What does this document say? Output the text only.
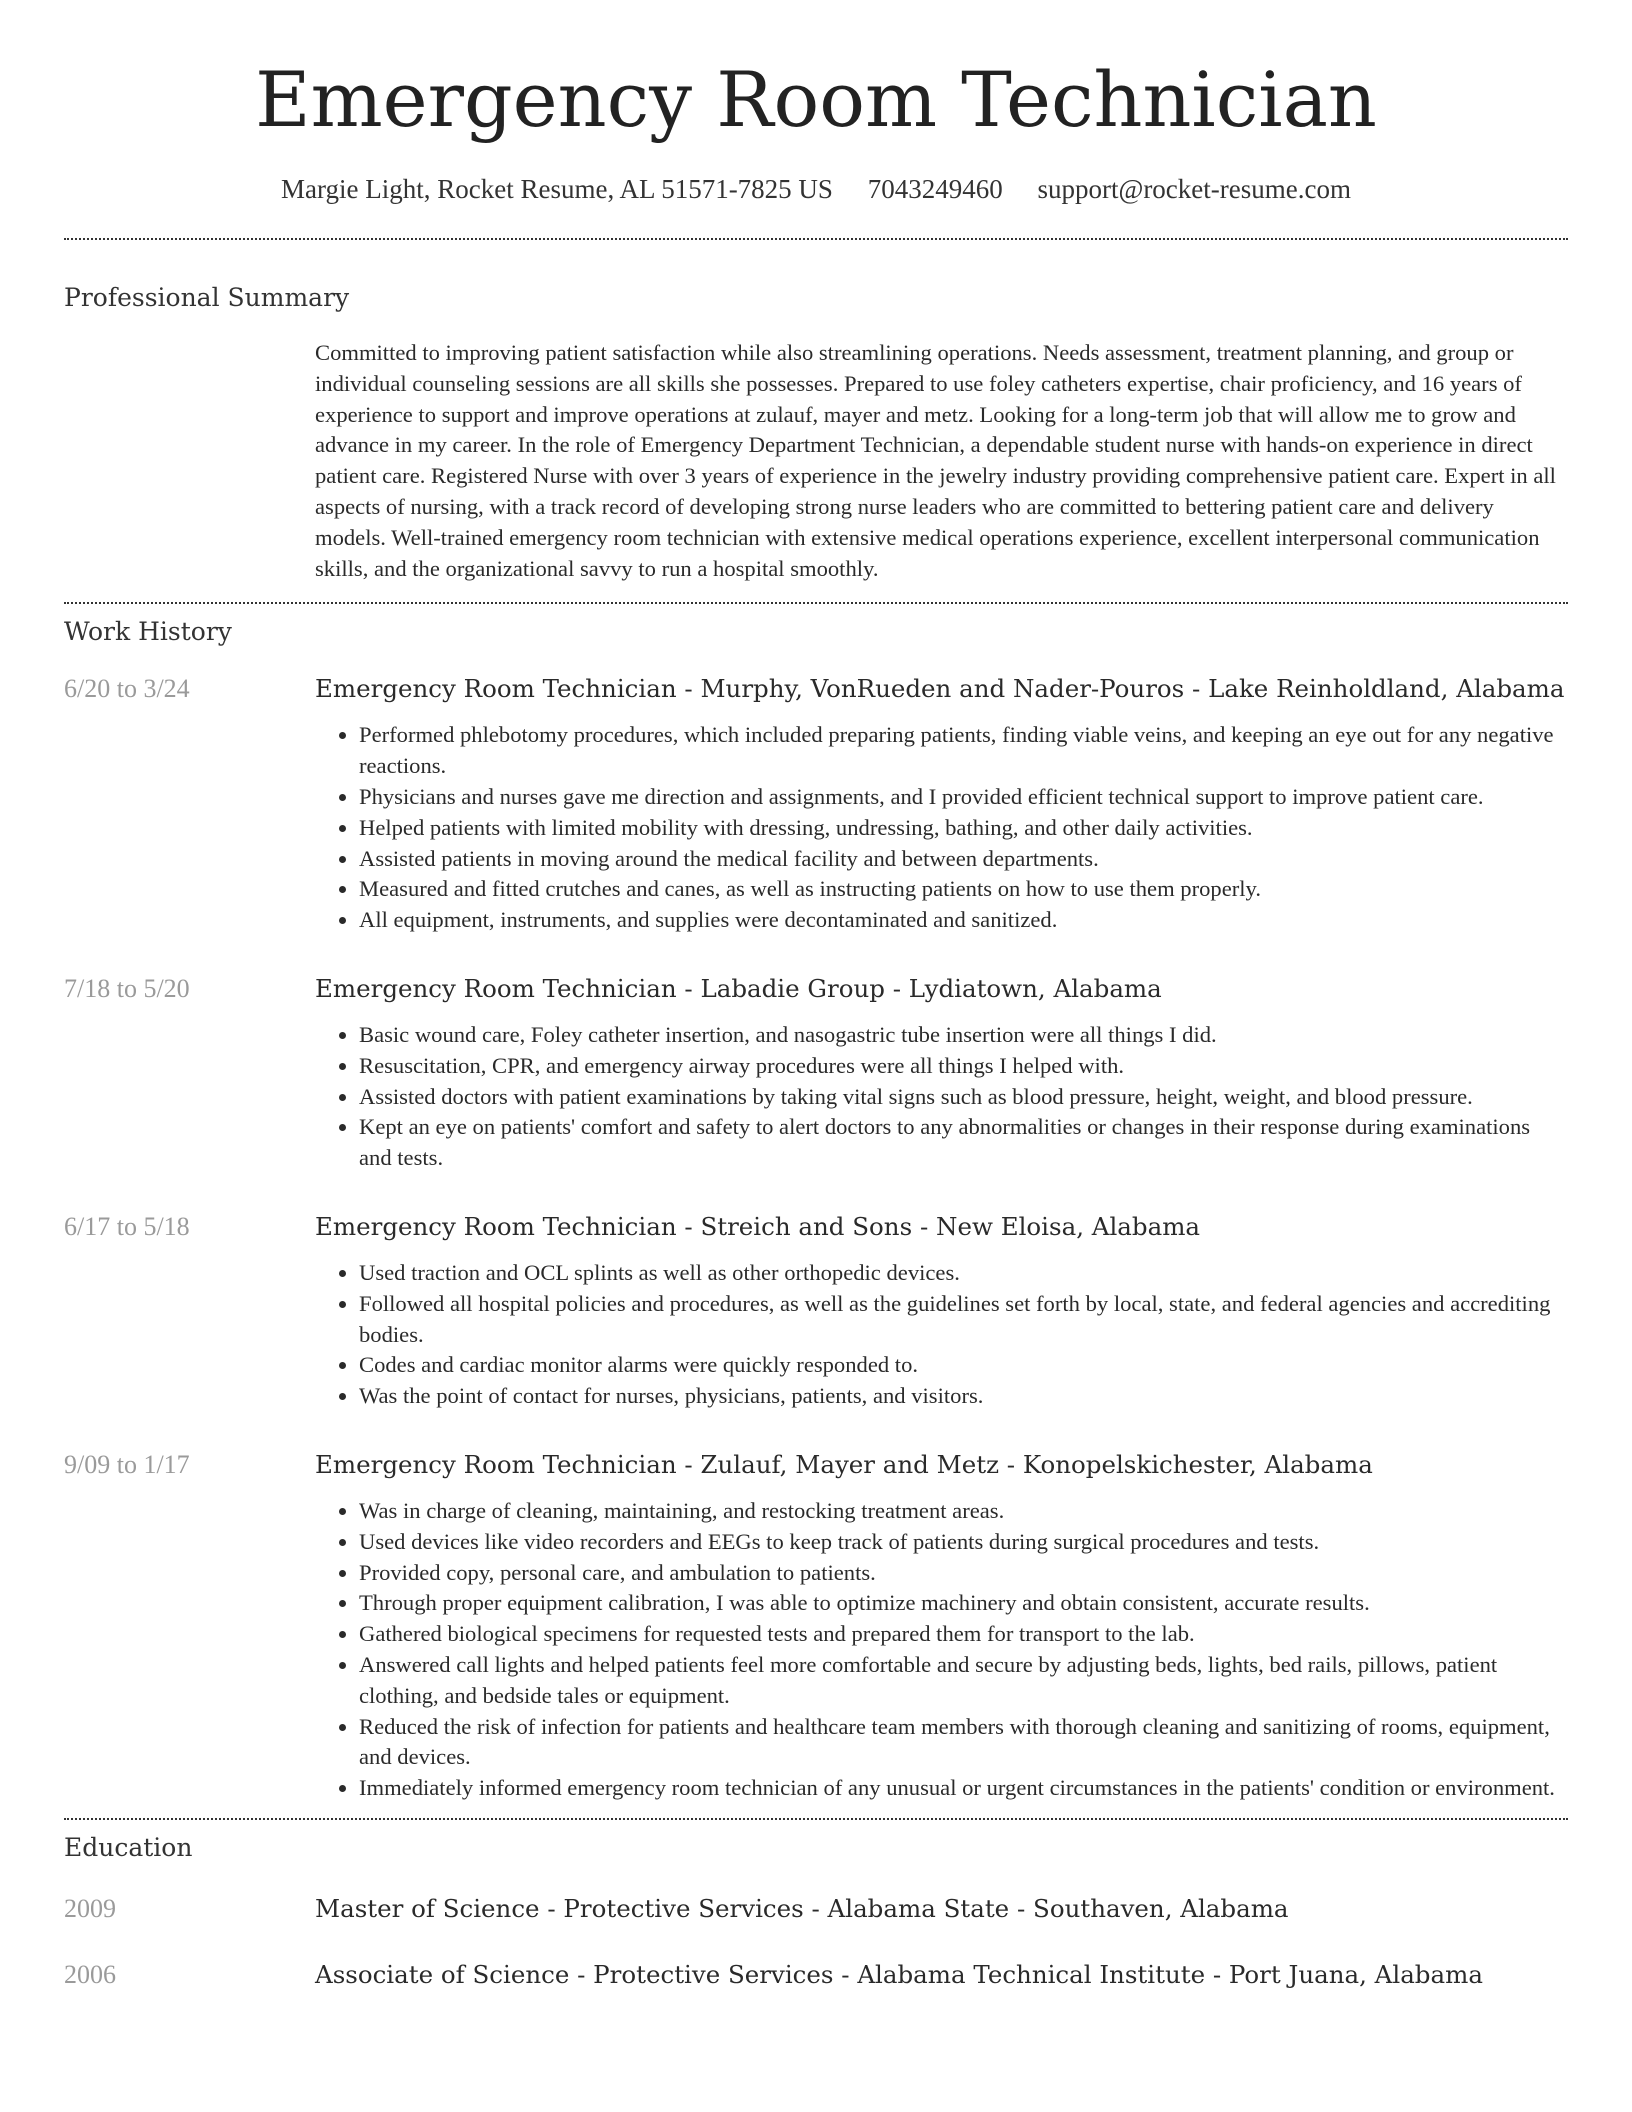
Emergency Room Technician
Margie Light, Rocket Resume, AL 51571-7825 US 7043249460 support@rocket-resume.com
Professional Summary
Committed to improving patient satisfaction while also streamlining operations. Needs assessment, treatment planning, and group or individual counseling sessions are all skills she possesses. Prepared to use foley catheters expertise, chair proficiency, and 16 years of experience to support and improve operations at zulauf, mayer and metz. Looking for a long-term job that will allow me to grow and advance in my career. In the role of Emergency Department Technician, a dependable student nurse with hands-on experience in direct patient care. Registered Nurse with over 3 years of experience in the jewelry industry providing comprehensive patient care. Expert in all aspects of nursing, with a track record of developing strong nurse leaders who are committed to bettering patient care and delivery models. Well-trained emergency room technician with extensive medical operations experience, excellent interpersonal communication skills, and the organizational savvy to run a hospital smoothly.
Work History
6/20 to 3/24	Emergency Room Technician - Murphy, VonRueden and Nader-Pouros - Lake Reinholdland, Alabama
• Performed phlebotomy procedures, which included preparing patients, finding viable veins, and keeping an eye out for any negative reactions.
• Physicians and nurses gave me direction and assignments, and I provided efficient technical support to improve patient care.
• Helped patients with limited mobility with dressing, undressing, bathing, and other daily activities.
• Assisted patients in moving around the medical facility and between departments.
• Measured and fitted crutches and canes, as well as instructing patients on how to use them properly.
• All equipment, instruments, and supplies were decontaminated and sanitized.
7/18 to 5/20	Emergency Room Technician - Labadie Group - Lydiatown, Alabama
• Basic wound care, Foley catheter insertion, and nasogastric tube insertion were all things I did.
• Resuscitation, CPR, and emergency airway procedures were all things I helped with.
• Assisted doctors with patient examinations by taking vital signs such as blood pressure, height, weight, and blood pressure.
• Kept an eye on patients' comfort and safety to alert doctors to any abnormalities or changes in their response during examinations and tests.
6/17 to 5/18	Emergency Room Technician - Streich and Sons - New Eloisa, Alabama
• Used traction and OCL splints as well as other orthopedic devices.
• Followed all hospital policies and procedures, as well as the guidelines set forth by local, state, and federal agencies and accrediting bodies.
• Codes and cardiac monitor alarms were quickly responded to.
• Was the point of contact for nurses, physicians, patients, and visitors.
9/09 to 1/17	Emergency Room Technician - Zulauf, Mayer and Metz - Konopelskichester, Alabama
• Was in charge of cleaning, maintaining, and restocking treatment areas.
• Used devices like video recorders and EEGs to keep track of patients during surgical procedures and tests.
• Provided copy, personal care, and ambulation to patients.
• Through proper equipment calibration, I was able to optimize machinery and obtain consistent, accurate results.
• Gathered biological specimens for requested tests and prepared them for transport to the lab.
• Answered call lights and helped patients feel more comfortable and secure by adjusting beds, lights, bed rails, pillows, patient clothing, and bedside tales or equipment.
• Reduced the risk of infection for patients and healthcare team members with thorough cleaning and sanitizing of rooms, equipment, and devices.
• Immediately informed emergency room technician of any unusual or urgent circumstances in the patients' condition or environment.
Education
2009	Master of Science - Protective Services - Alabama State - Southaven, Alabama
2006	Associate of Science - Protective Services - Alabama Technical Institute - Port Juana, Alabama
